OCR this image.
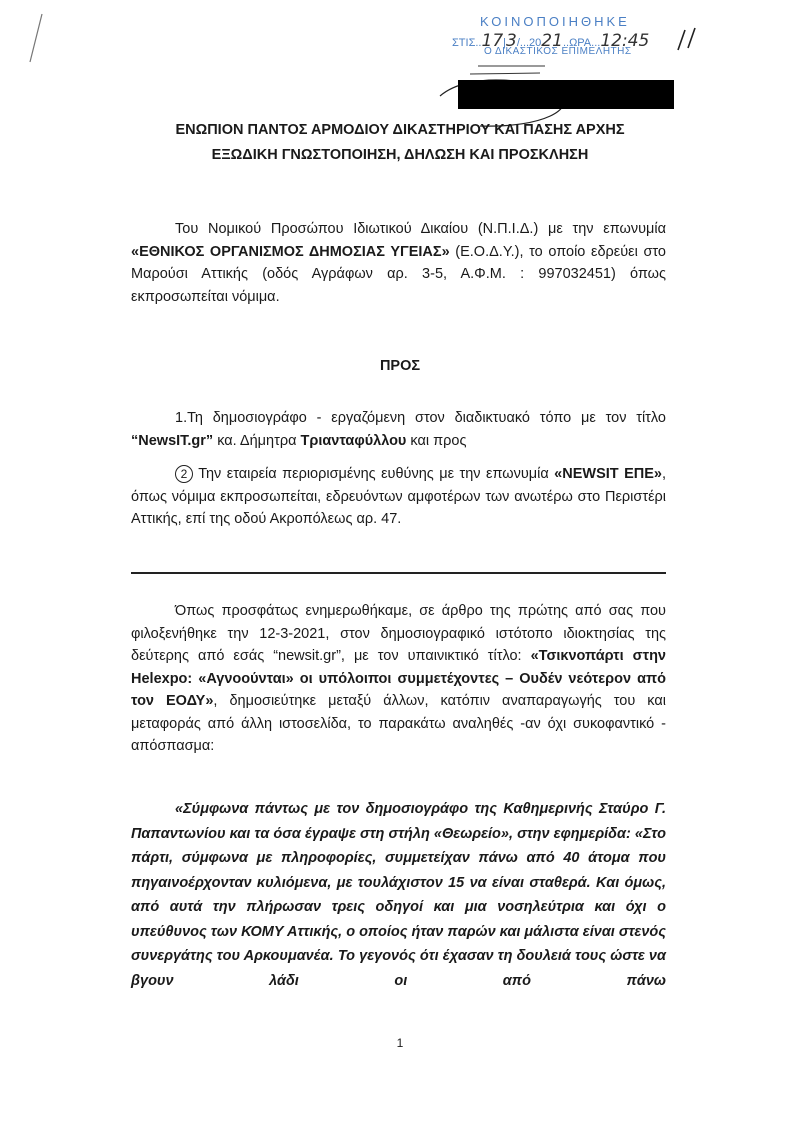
ΚΟΙΝΟΠΟΙΗΘΗΚΕ
ΣΤΙΣ..17|3/...2021..ΩΡΑ...12:45
Ο ΔΙΚΑΣΤΙΚΟΣ ΕΠΙΜΕΛΗΤΗΣ
ΕΝΩΠΙΟΝ ΠΑΝΤΟΣ ΑΡΜΟΔΙΟΥ ΔΙΚΑΣΤΗΡΙΟΥ ΚΑΙ ΠΑΣΗΣ ΑΡΧΗΣ
ΕΞΩΔΙΚΗ ΓΝΩΣΤΟΠΟΙΗΣΗ, ΔΗΛΩΣΗ ΚΑΙ ΠΡΟΣΚΛΗΣΗ

Του Νομικού Προσώπου Ιδιωτικού Δικαίου (Ν.Π.Ι.Δ.) με την επωνυμία «ΕΘΝΙΚΟΣ ΟΡΓΑΝΙΣΜΟΣ ΔΗΜΟΣΙΑΣ ΥΓΕΙΑΣ» (Ε.Ο.Δ.Υ.), το οποίο εδρεύει στο Μαρούσι Αττικής (οδός Αγράφων αρ. 3-5, Α.Φ.Μ. : 997032451) όπως εκπροσωπείται νόμιμα.

ΠΡΟΣ

1.Τη δημοσιογράφο - εργαζόμενη στον διαδικτυακό τόπο με τον τίτλο “NewsIT.gr” κα. Δήμητρα Τριανταφύλλου και προς

2 Την εταιρεία περιορισμένης ευθύνης με την επωνυμία «NEWSIT ΕΠΕ», όπως νόμιμα εκπροσωπείται, εδρευόντων αμφοτέρων των ανωτέρω στο Περιστέρι Αττικής, επί της οδού Ακροπόλεως αρ. 47.

Όπως προσφάτως ενημερωθήκαμε, σε άρθρο της πρώτης από σας που φιλοξενήθηκε την 12-3-2021, στον δημοσιογραφικό ιστότοπο ιδιοκτησίας της δεύτερης από εσάς “newsit.gr”, με τον υπαινικτικό τίτλο: «Τσικνοπάρτι στην Helexpo: «Αγνοούνται» οι υπόλοιποι συμμετέχοντες – Ουδέν νεότερον από τον ΕΟΔΥ», δημοσιεύτηκε μεταξύ άλλων, κατόπιν αναπαραγωγής του και μεταφοράς από άλλη ιστοσελίδα, το παρακάτω αναληθές -αν όχι συκοφαντικό - απόσπασμα:

«Σύμφωνα πάντως με τον δημοσιογράφο της Καθημερινής Σταύρο Γ. Παπαντωνίου και τα όσα έγραψε στη στήλη «Θεωρείο», στην εφημερίδα: «Στο πάρτι, σύμφωνα με πληροφορίες, συμμετείχαν πάνω από 40 άτομα που πηγαινοέρχονταν κυλιόμενα, με τουλάχιστον 15 να είναι σταθερά. Και όμως, από αυτά την πλήρωσαν τρεις οδηγοί και μια νοσηλεύτρια και όχι ο υπεύθυνος των ΚΟΜΥ Αττικής, ο οποίος ήταν παρών και μάλιστα είναι στενός συνεργάτης του Αρκουμανέα. Το γεγονός ότι έχασαν τη δουλειά τους ώστε να βγουν λάδι οι από πάνω

1
